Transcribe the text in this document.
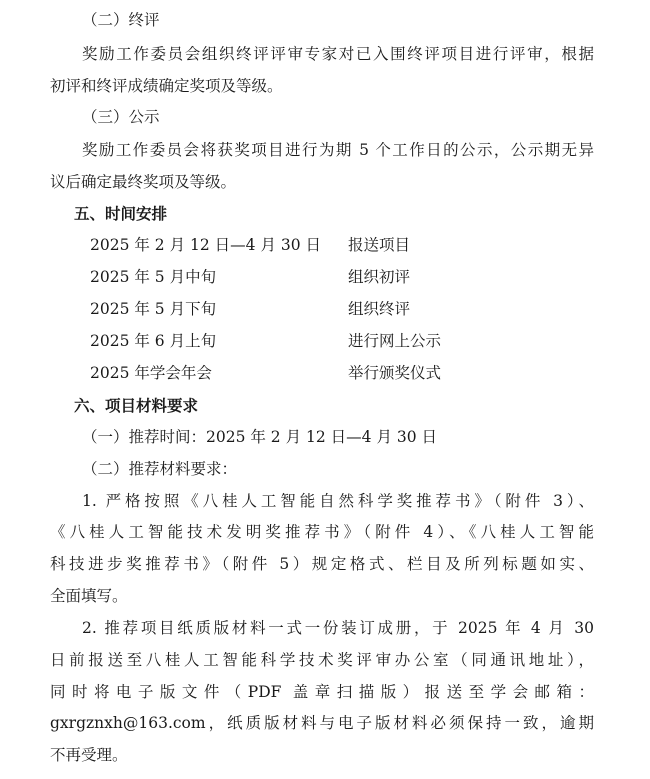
（二）终评
奖励工作委员会组织终评评审专家对已入围终评项目进行评审，根据
初评和终评成绩确定奖项及等级。
（三）公示
奖励工作委员会将获奖项目进行为期 5 个工作日的公示，公示期无异
议后确定最终奖项及等级。
五、时间安排
2025 年 2 月 12 日—4 月 30 日 报送项目
2025 年 5 月中旬	组织初评
2025 年 5 月下旬	组织终评
2025 年 6 月上旬	进行网上公示
2025 年学会年会	举行颁奖仪式
六、项目材料要求
（一）推荐时间：2025 年 2 月 12 日—4 月 30 日
（二）推荐材料要求：
1. 严格按照《八桂人工智能自然科学奖推荐书》（附件 3）、
《八桂人工智能技术发明奖推荐书》（附件 4）、《八桂人工智能
科技进步奖推荐书》（附件 5）规定格式、栏目及所列标题如实、
全面填写。
2. 推荐项目纸质版材料一式一份装订成册，于 2025 年 4 月 30
日前报送至八桂人工智能科学技术奖评审办公室（同通讯地址），
同时将电子版文件（PDF 盖章扫描版）报送至学会邮箱：
gxrgznxh@163.com，纸质版材料与电子版材料必须保持一致，逾期
不再受理。
